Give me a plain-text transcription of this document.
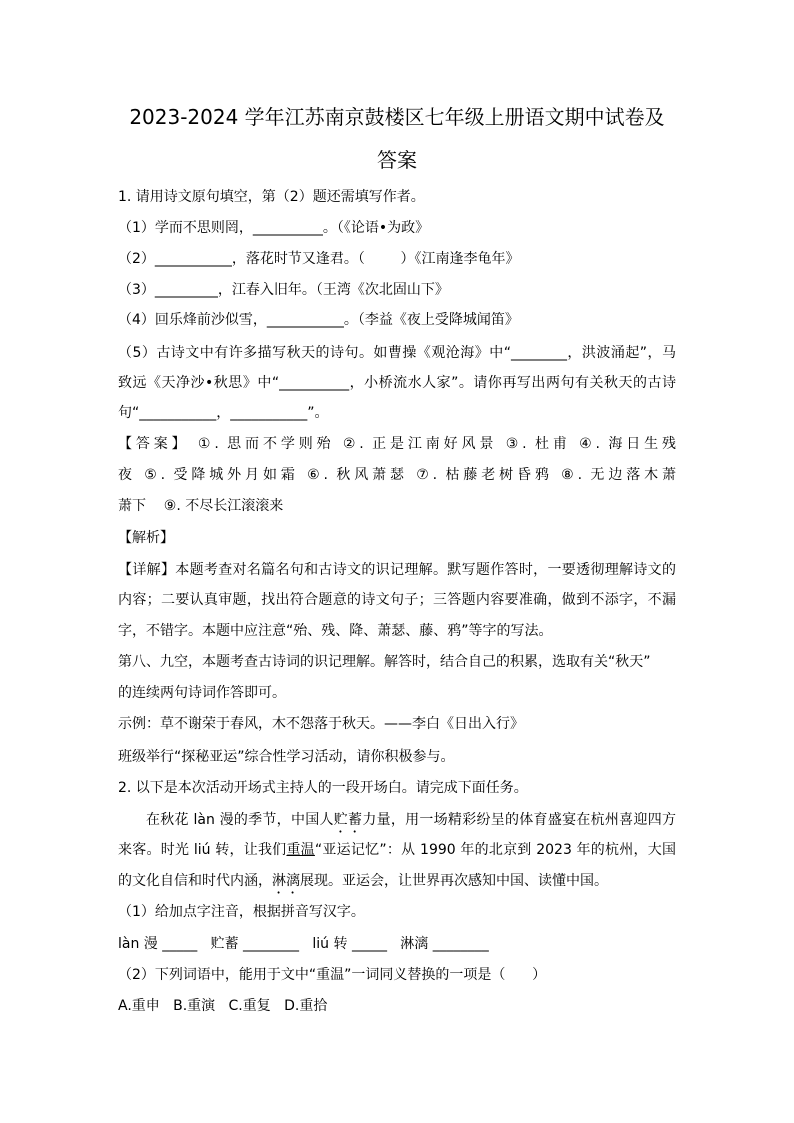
2023-2024 学年江苏南京鼓楼区七年级上册语文期中试卷及
答案
1. 请用诗文原句填空，第（2）题还需填写作者。
（1）学而不思则罔，__________。（《论语•为政》
（2）___________，落花时节又逢君。（        ）《江南逢李龟年》
（3）_________，江春入旧年。（王湾《次北固山下》
（4）回乐烽前沙似雪，___________。（李益《夜上受降城闻笛》
（5）古诗文中有许多描写秋天的诗句。如曹操《观沧海》中“________，洪波涌起”，马
致远《天净沙•秋思》中“__________，小桥流水人家”。请你再写出两句有关秋天的古诗
句“___________，___________”。
【答案】 ①. 思而不学则殆 ②. 正是江南好风景 ③. 杜甫 ④. 海日生残
夜 ⑤. 受降城外月如霜 ⑥. 秋风萧瑟 ⑦. 枯藤老树昏鸦 ⑧. 无边落木萧
萧下    ⑨. 不尽长江滚滚来
【解析】
【详解】本题考查对名篇名句和古诗文的识记理解。默写题作答时，一要透彻理解诗文的
内容；二要认真审题，找出符合题意的诗文句子；三答题内容要准确，做到不添字，不漏
字，不错字。本题中应注意“殆、残、降、萧瑟、藤、鸦”等字的写法。
第八、九空，本题考查古诗词的识记理解。解答时，结合自己的积累，选取有关“秋天”
的连续两句诗词作答即可。
示例：草不谢荣于春风，木不怨落于秋天。——李白《日出入行》
班级举行“探秘亚运”综合性学习活动，请你积极参与。
2. 以下是本次活动开场式主持人的一段开场白。请完成下面任务。
在秋花 làn 漫的季节，中国人贮蓄力量，用一场精彩纷呈的体育盛宴在杭州喜迎四方
来客。时光 liú 转，让我们重温“亚运记忆”：从 1990 年的北京到 2023 年的杭州，大国
的文化自信和时代内涵，淋漓展现。亚运会，让世界再次感知中国、读懂中国。
（1）给加点字注音，根据拼音写汉字。
làn 漫 _____   贮蓄 ________   liú 转 _____   淋漓 ________
（2）下列词语中，能用于文中“重温”一词同义替换的一项是（      ）
A.重申   B.重演   C.重复   D.重拾
